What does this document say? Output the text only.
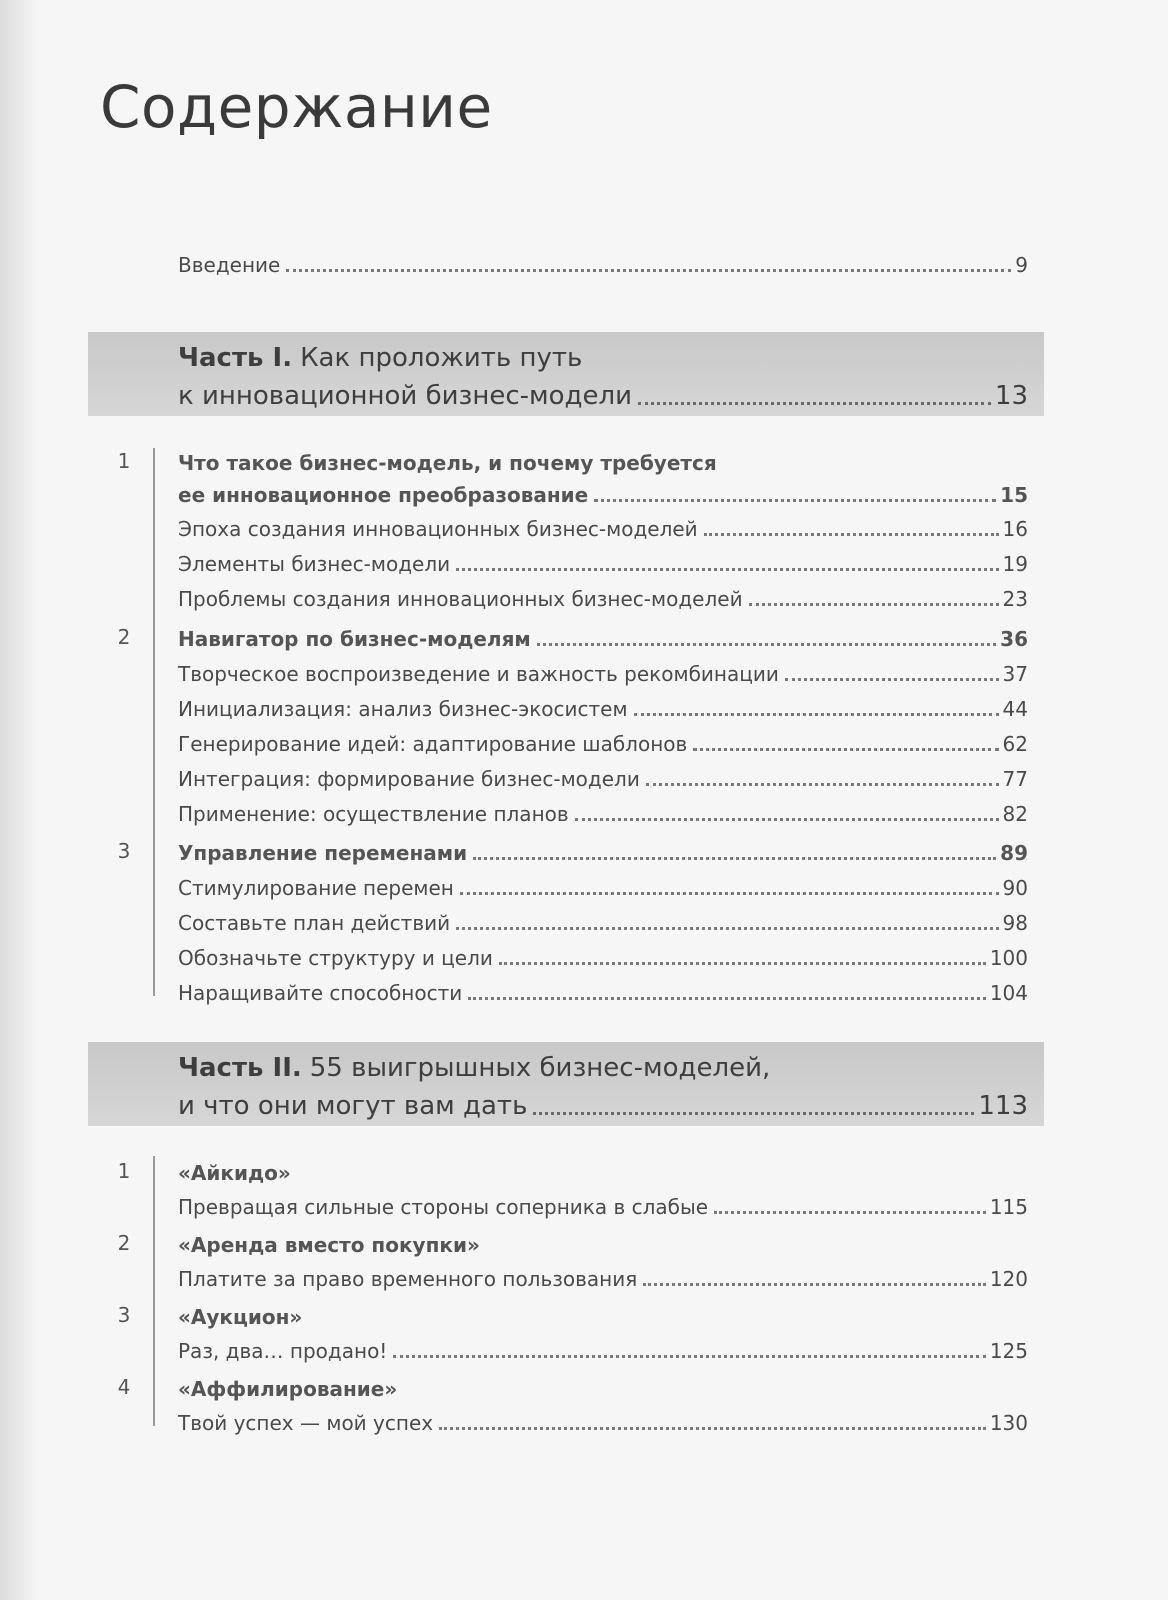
Содержание
Введение	9
Часть I. Как проложить путь
к инновационной бизнес-модели	13
1 Что такое бизнес-модель, и почему требуется
ее инновационное преобразование	15
Эпоха создания инновационных бизнес-моделей	16
Элементы бизнес-модели	19
Проблемы создания инновационных бизнес-моделей	23
2 Навигатор по бизнес-моделям	36
Творческое воспроизведение и важность рекомбинации	37
Инициализация: анализ бизнес-экосистем	44
Генерирование идей: адаптирование шаблонов	62
Интеграция: формирование бизнес-модели	77
Применение: осуществление планов	82
3 Управление переменами	89
Стимулирование перемен	90
Составьте план действий	98
Обозначьте структуру и цели	100
Наращивайте способности	104
Часть II. 55 выигрышных бизнес-моделей,
и что они могут вам дать	113
1 «Айкидо»
Превращая сильные стороны соперника в слабые	115
2 «Аренда вместо покупки»
Платите за право временного пользования	120
3 «Аукцион»
Раз, два… продано!	125
4 «Аффилирование»
Твой успех — мой успех	130
